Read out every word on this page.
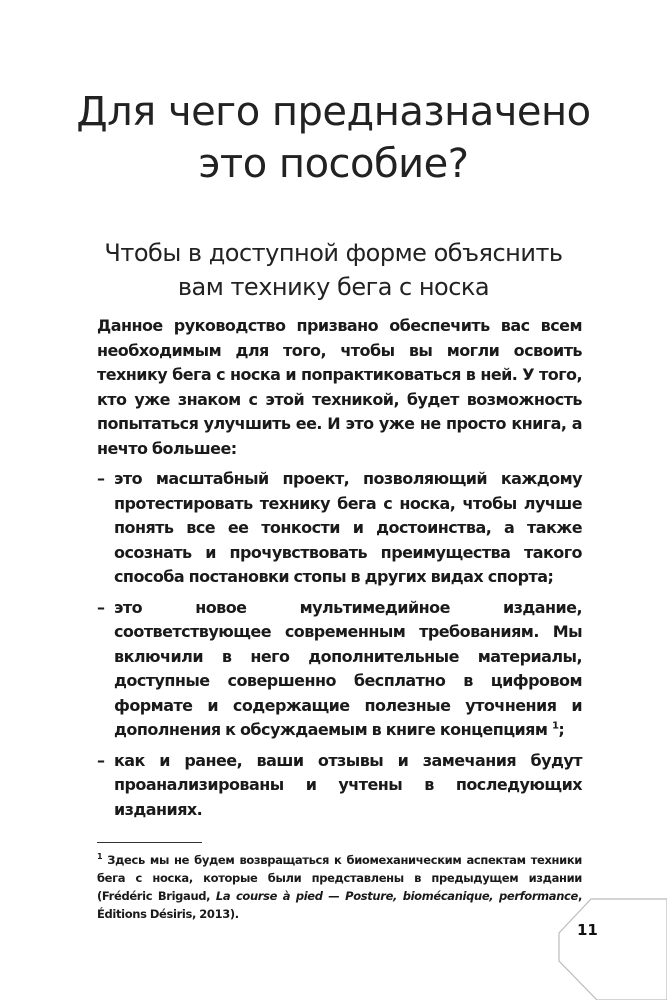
Для чего предназначено
это пособие?
Чтобы в доступной форме объяснить
вам технику бега с носка

Данное руководство призвано обеспечить вас всем необходимым для того, чтобы вы могли освоить технику бега с носка и попрактиковаться в ней. У того, кто уже знаком с этой техникой, будет возможность попытаться улучшить ее. И это уже не просто книга, а нечто большее:

– это масштабный проект, позволяющий каждому протестировать технику бега с носка, чтобы лучше понять все ее тонкости и достоинства, а также осознать и прочувствовать преимущества такого способа постановки стопы в других видах спорта;
– это новое мультимедийное издание, соответствующее современным требованиям. Мы включили в него дополнительные материалы, доступные совершенно бесплатно в цифровом формате и содержащие полезные уточнения и дополнения к обсуждаемым в книге концепциям $^1$;
– как и ранее, ваши отзывы и замечания будут проанализированы и учтены в последующих изданиях.

$^1$ Здесь мы не будем возвращаться к биомеханическим аспектам техники бега с носка, которые были представлены в предыдущем издании (Frédéric Brigaud, La course à pied — Posture, biomécanique, performance, Éditions Désiris, 2013).

11
